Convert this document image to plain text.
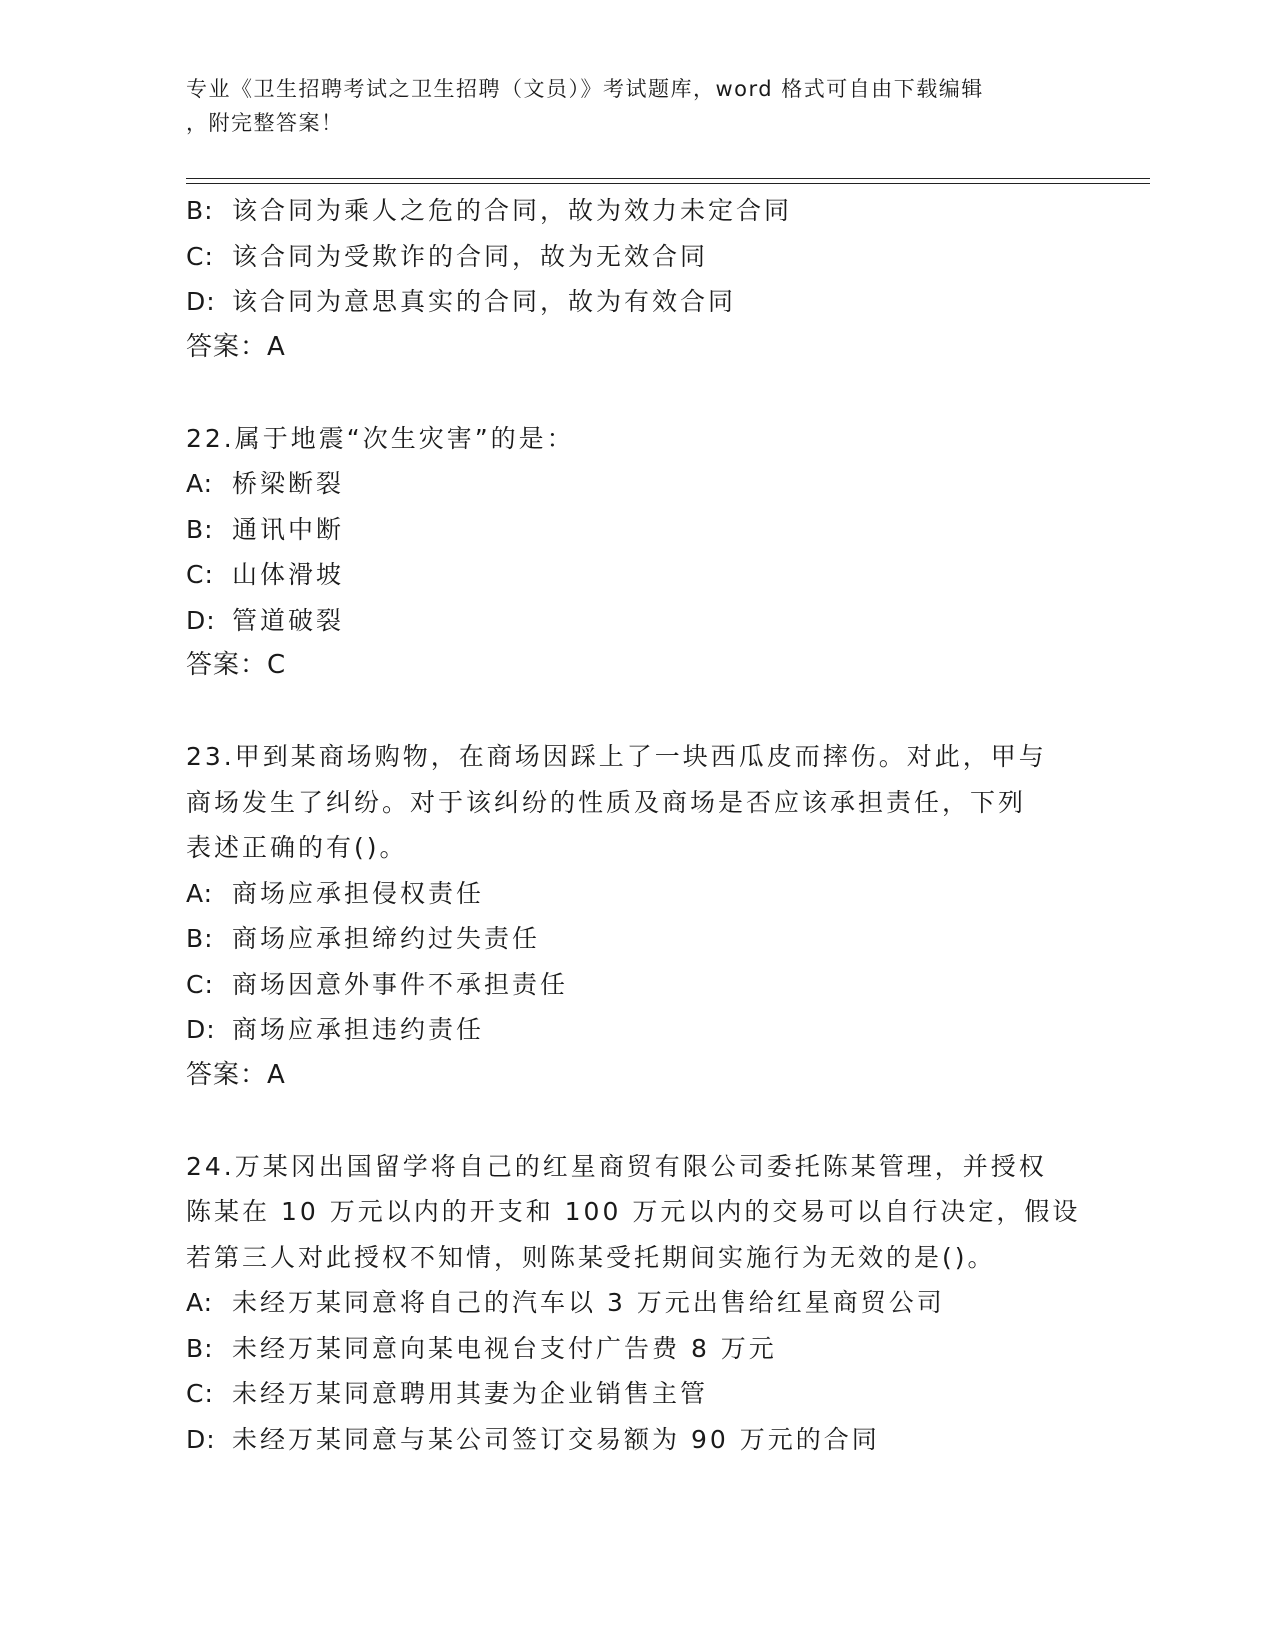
专业《卫生招聘考试之卫生招聘（文员）》考试题库，word 格式可自由下载编辑
，附完整答案！

B: 该合同为乘人之危的合同，故为效力未定合同

C: 该合同为受欺诈的合同，故为无效合同

D: 该合同为意思真实的合同，故为有效合同

答案：A

22.属于地震“次生灾害”的是：

A: 桥梁断裂

B: 通讯中断

C: 山体滑坡

D: 管道破裂

答案：C

23.甲到某商场购物，在商场因踩上了一块西瓜皮而摔伤。对此，甲与

商场发生了纠纷。对于该纠纷的性质及商场是否应该承担责任，下列

表述正确的有()。

A: 商场应承担侵权责任

B: 商场应承担缔约过失责任

C: 商场因意外事件不承担责任

D: 商场应承担违约责任

答案：A

24.万某冈出国留学将自己的红星商贸有限公司委托陈某管理，并授权

陈某在 10 万元以内的开支和 100 万元以内的交易可以自行决定，假设

若第三人对此授权不知情，则陈某受托期间实施行为无效的是()。

A: 未经万某同意将自己的汽车以 3 万元出售给红星商贸公司

B: 未经万某同意向某电视台支付广告费 8 万元

C: 未经万某同意聘用其妻为企业销售主管

D: 未经万某同意与某公司签订交易额为 90 万元的合同
